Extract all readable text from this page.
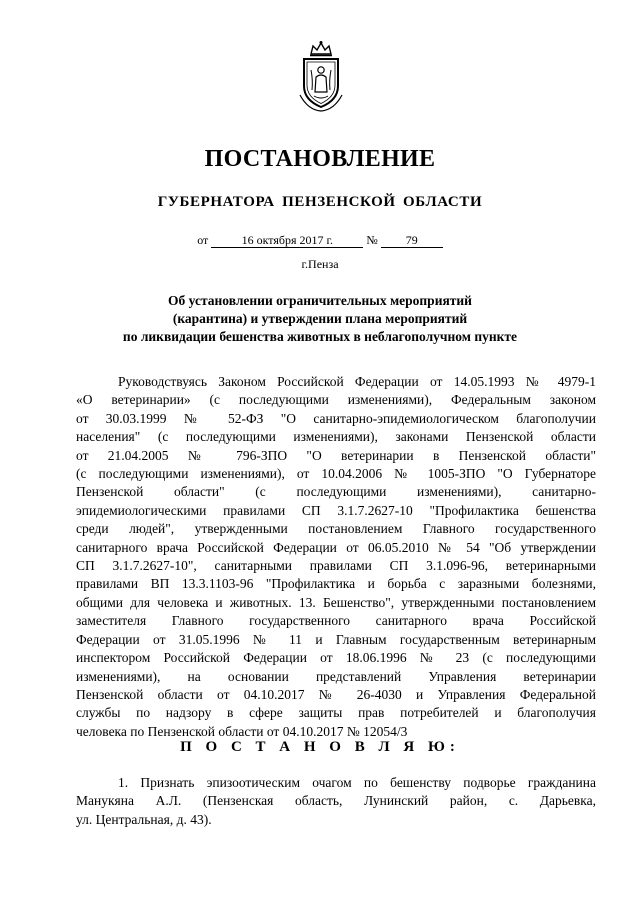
ПОСТАНОВЛЕНИЕ
ГУБЕРНАТОРА ПЕНЗЕНСКОЙ ОБЛАСТИ
от	16 октября 2017 г.	№ 79
г.Пенза
Об установлении ограничительных мероприятий
(карантина) и утверждении плана мероприятий
по ликвидации бешенства животных в неблагополучном пункте
Руководствуясь Законом Российской Федерации от 14.05.1993 № 4979-1
«О ветеринарии» (с последующими изменениями), Федеральным законом
от 30.03.1999 № 52-ФЗ "О санитарно-эпидемиологическом благополучии
населения" (с последующими изменениями), законами Пензенской области
от 21.04.2005 № 796-ЗПО "О ветеринарии в Пензенской области"
(с последующими изменениями), от 10.04.2006 № 1005-ЗПО "О Губернаторе
Пензенской области" (с последующими изменениями), санитарно-
эпидемиологическими правилами СП 3.1.7.2627-10 "Профилактика бешенства
среди людей", утвержденными постановлением Главного государственного
санитарного врача Российской Федерации от 06.05.2010 № 54 "Об утверждении
СП 3.1.7.2627-10", санитарными правилами СП 3.1.096-96, ветеринарными
правилами ВП 13.3.1103-96 "Профилактика и борьба с заразными болезнями,
общими для человека и животных. 13. Бешенство", утвержденными постановлением
заместителя Главного государственного санитарного врача Российской
Федерации от 31.05.1996 № 11 и Главным государственным ветеринарным
инспектором Российской Федерации от 18.06.1996 № 23 (с последующими
изменениями), на основании представлений Управления ветеринарии
Пензенской области от 04.10.2017 № 26-4030 и Управления Федеральной
службы по надзору в сфере защиты прав потребителей и благополучия
человека по Пензенской области от 04.10.2017 № 12054/3
П О С Т А Н О В Л Я Ю:
1. Признать эпизоотическим очагом по бешенству подворье гражданина
Манукяна А.Л. (Пензенская область, Лунинский район, с. Дарьевка,
ул. Центральная, д. 43).
